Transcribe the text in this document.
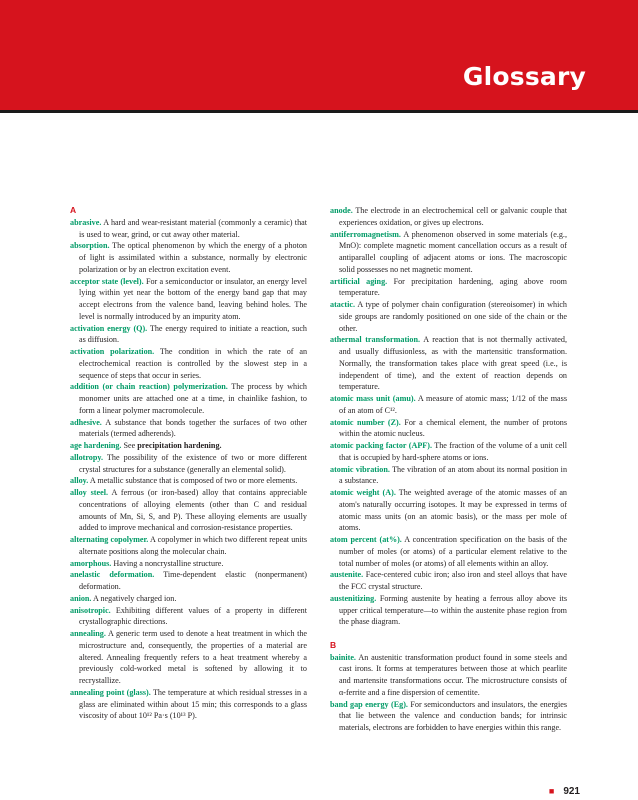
Glossary
A

abrasive. A hard and wear-resistant material (commonly a ceramic) that is used to wear, grind, or cut away other material.

absorption. The optical phenomenon by which the energy of a photon of light is assimilated within a substance, normally by electronic polarization or by an electron excitation event.

acceptor state (level). For a semiconductor or insulator, an energy level lying within yet near the bottom of the energy band gap that may accept electrons from the valence band, leaving behind holes. The level is normally introduced by an impurity atom.

activation energy (Q). The energy required to initiate a reaction, such as diffusion.

activation polarization. The condition in which the rate of an electrochemical reaction is controlled by the slowest step in a sequence of steps that occur in series.

addition (or chain reaction) polymerization. The process by which monomer units are attached one at a time, in chainlike fashion, to form a linear polymer macromolecule.

adhesive. A substance that bonds together the surfaces of two other materials (termed adherends).

age hardening. See precipitation hardening.

allotropy. The possibility of the existence of two or more different crystal structures for a substance (generally an elemental solid).

alloy. A metallic substance that is composed of two or more elements.

alloy steel. A ferrous (or iron-based) alloy that contains appreciable concentrations of alloying elements (other than C and residual amounts of Mn, Si, S, and P). These alloying elements are usually added to improve mechanical and corrosion-resistance properties.

alternating copolymer. A copolymer in which two different repeat units alternate positions along the molecular chain.

amorphous. Having a noncrystalline structure.

anelastic deformation. Time-dependent elastic (nonpermanent) deformation.

anion. A negatively charged ion.

anisotropic. Exhibiting different values of a property in different crystallographic directions.

annealing. A generic term used to denote a heat treatment in which the microstructure and, consequently, the properties of a material are altered. Annealing frequently refers to a heat treatment whereby a previously cold-worked metal is softened by allowing it to recrystallize.

annealing point (glass). The temperature at which residual stresses in a glass are eliminated within about 15 min; this corresponds to a glass viscosity of about 10¹² Pa·s (10¹³ P).

anode. The electrode in an electrochemical cell or galvanic couple that experiences oxidation, or gives up electrons.

antiferromagnetism. A phenomenon observed in some materials (e.g., MnO): complete magnetic moment cancellation occurs as a result of antiparallel coupling of adjacent atoms or ions. The macroscopic solid possesses no net magnetic moment.

artificial aging. For precipitation hardening, aging above room temperature.

atactic. A type of polymer chain configuration (stereoisomer) in which side groups are randomly positioned on one side of the chain or the other.

athermal transformation. A reaction that is not thermally activated, and usually diffusionless, as with the martensitic transformation. Normally, the transformation takes place with great speed (i.e., is independent of time), and the extent of reaction depends on temperature.

atomic mass unit (amu). A measure of atomic mass; 1/12 of the mass of an atom of C¹².

atomic number (Z). For a chemical element, the number of protons within the atomic nucleus.

atomic packing factor (APF). The fraction of the volume of a unit cell that is occupied by hard-sphere atoms or ions.

atomic vibration. The vibration of an atom about its normal position in a substance.

atomic weight (A). The weighted average of the atomic masses of an atom's naturally occurring isotopes. It may be expressed in terms of atomic mass units (on an atomic basis), or the mass per mole of atoms.

atom percent (at%). A concentration specification on the basis of the number of moles (or atoms) of a particular element relative to the total number of moles (or atoms) of all elements within an alloy.

austenite. Face-centered cubic iron; also iron and steel alloys that have the FCC crystal structure.

austenitizing. Forming austenite by heating a ferrous alloy above its upper critical temperature—to within the austenite phase region from the phase diagram.

B

bainite. An austenitic transformation product found in some steels and cast irons. It forms at temperatures between those at which pearlite and martensite transformations occur. The microstructure consists of α-ferrite and a fine dispersion of cementite.

band gap energy (Eg). For semiconductors and insulators, the energies that lie between the valence and conduction bands; for intrinsic materials, electrons are forbidden to have energies within this range.

■ 921
